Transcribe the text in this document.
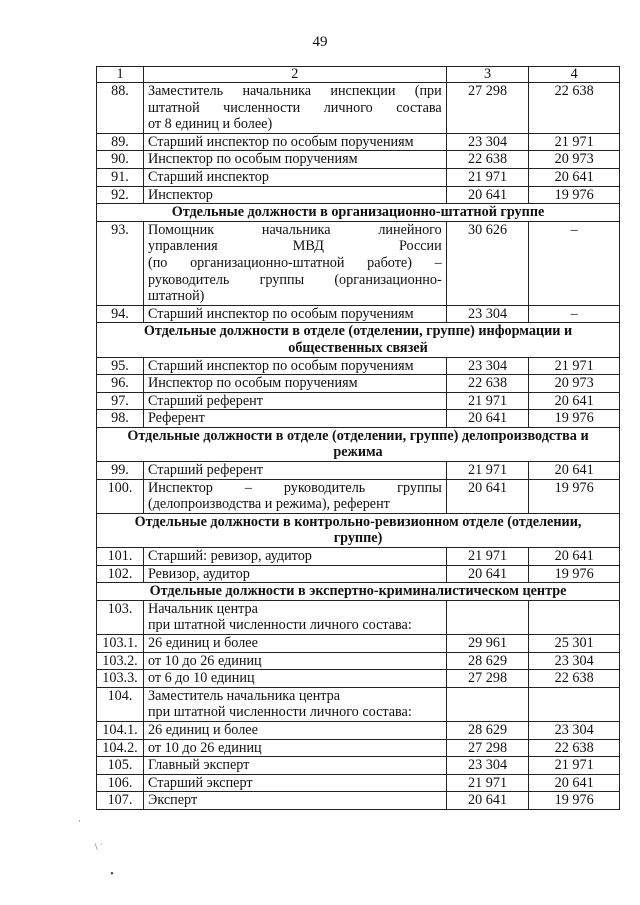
49
1	2	3	4
88.	Заместитель начальника инспекции (при
штатной численности личного состава
от 8 единиц и более)	27 298	22 638
89.	Старший инспектор по особым поручениям	23 304	21 971
90.	Инспектор по особым поручениям	22 638	20 973
91.	Старший инспектор	21 971	20 641
92.	Инспектор	20 641	19 976

Отдельные должности в организационно-штатной группе			

93.	Помощник начальника линейного
управления МВД России
(по организационно-штатной работе) –
руководитель группы (организационно-
штатной)	30 626	–
94.	Старший инспектор по особым поручениям	23 304	–

Отдельные должности в отделе (отделении, группе) информации и
общественных связей			

95.	Старший инспектор по особым поручениям	23 304	21 971
96.	Инспектор по особым поручениям	22 638	20 973
97.	Старший референт	21 971	20 641
98.	Референт	20 641	19 976

Отдельные должности в отделе (отделении, группе) делопроизводства и
режима			

99.	Старший референт	21 971	20 641
100.	Инспектор – руководитель группы
(делопроизводства и режима), референт	20 641	19 976

Отдельные должности в контрольно-ревизионном отделе (отделении,
группе)			

101.	Старший: ревизор, аудитор	21 971	20 641
102.	Ревизор, аудитор	20 641	19 976

Отдельные должности в экспертно-криминалистическом центре			

103.	Начальник центра
при штатной численности личного состава:		

103.1.	26 единиц и более	29 961	25 301
103.2.	от 10 до 26 единиц	28 629	23 304
103.3.	от 6 до 10 единиц	27 298	22 638
104.	Заместитель начальника центра
при штатной численности личного состава:		

104.1.	26 единиц и более	28 629	23 304
104.2.	от 10 до 26 единиц	27 298	22 638
105.	Главный эксперт	23 304	21 971
106.	Старший эксперт	21 971	20 641
107.	Эксперт	20 641	19 976
·
\ ˙
•
